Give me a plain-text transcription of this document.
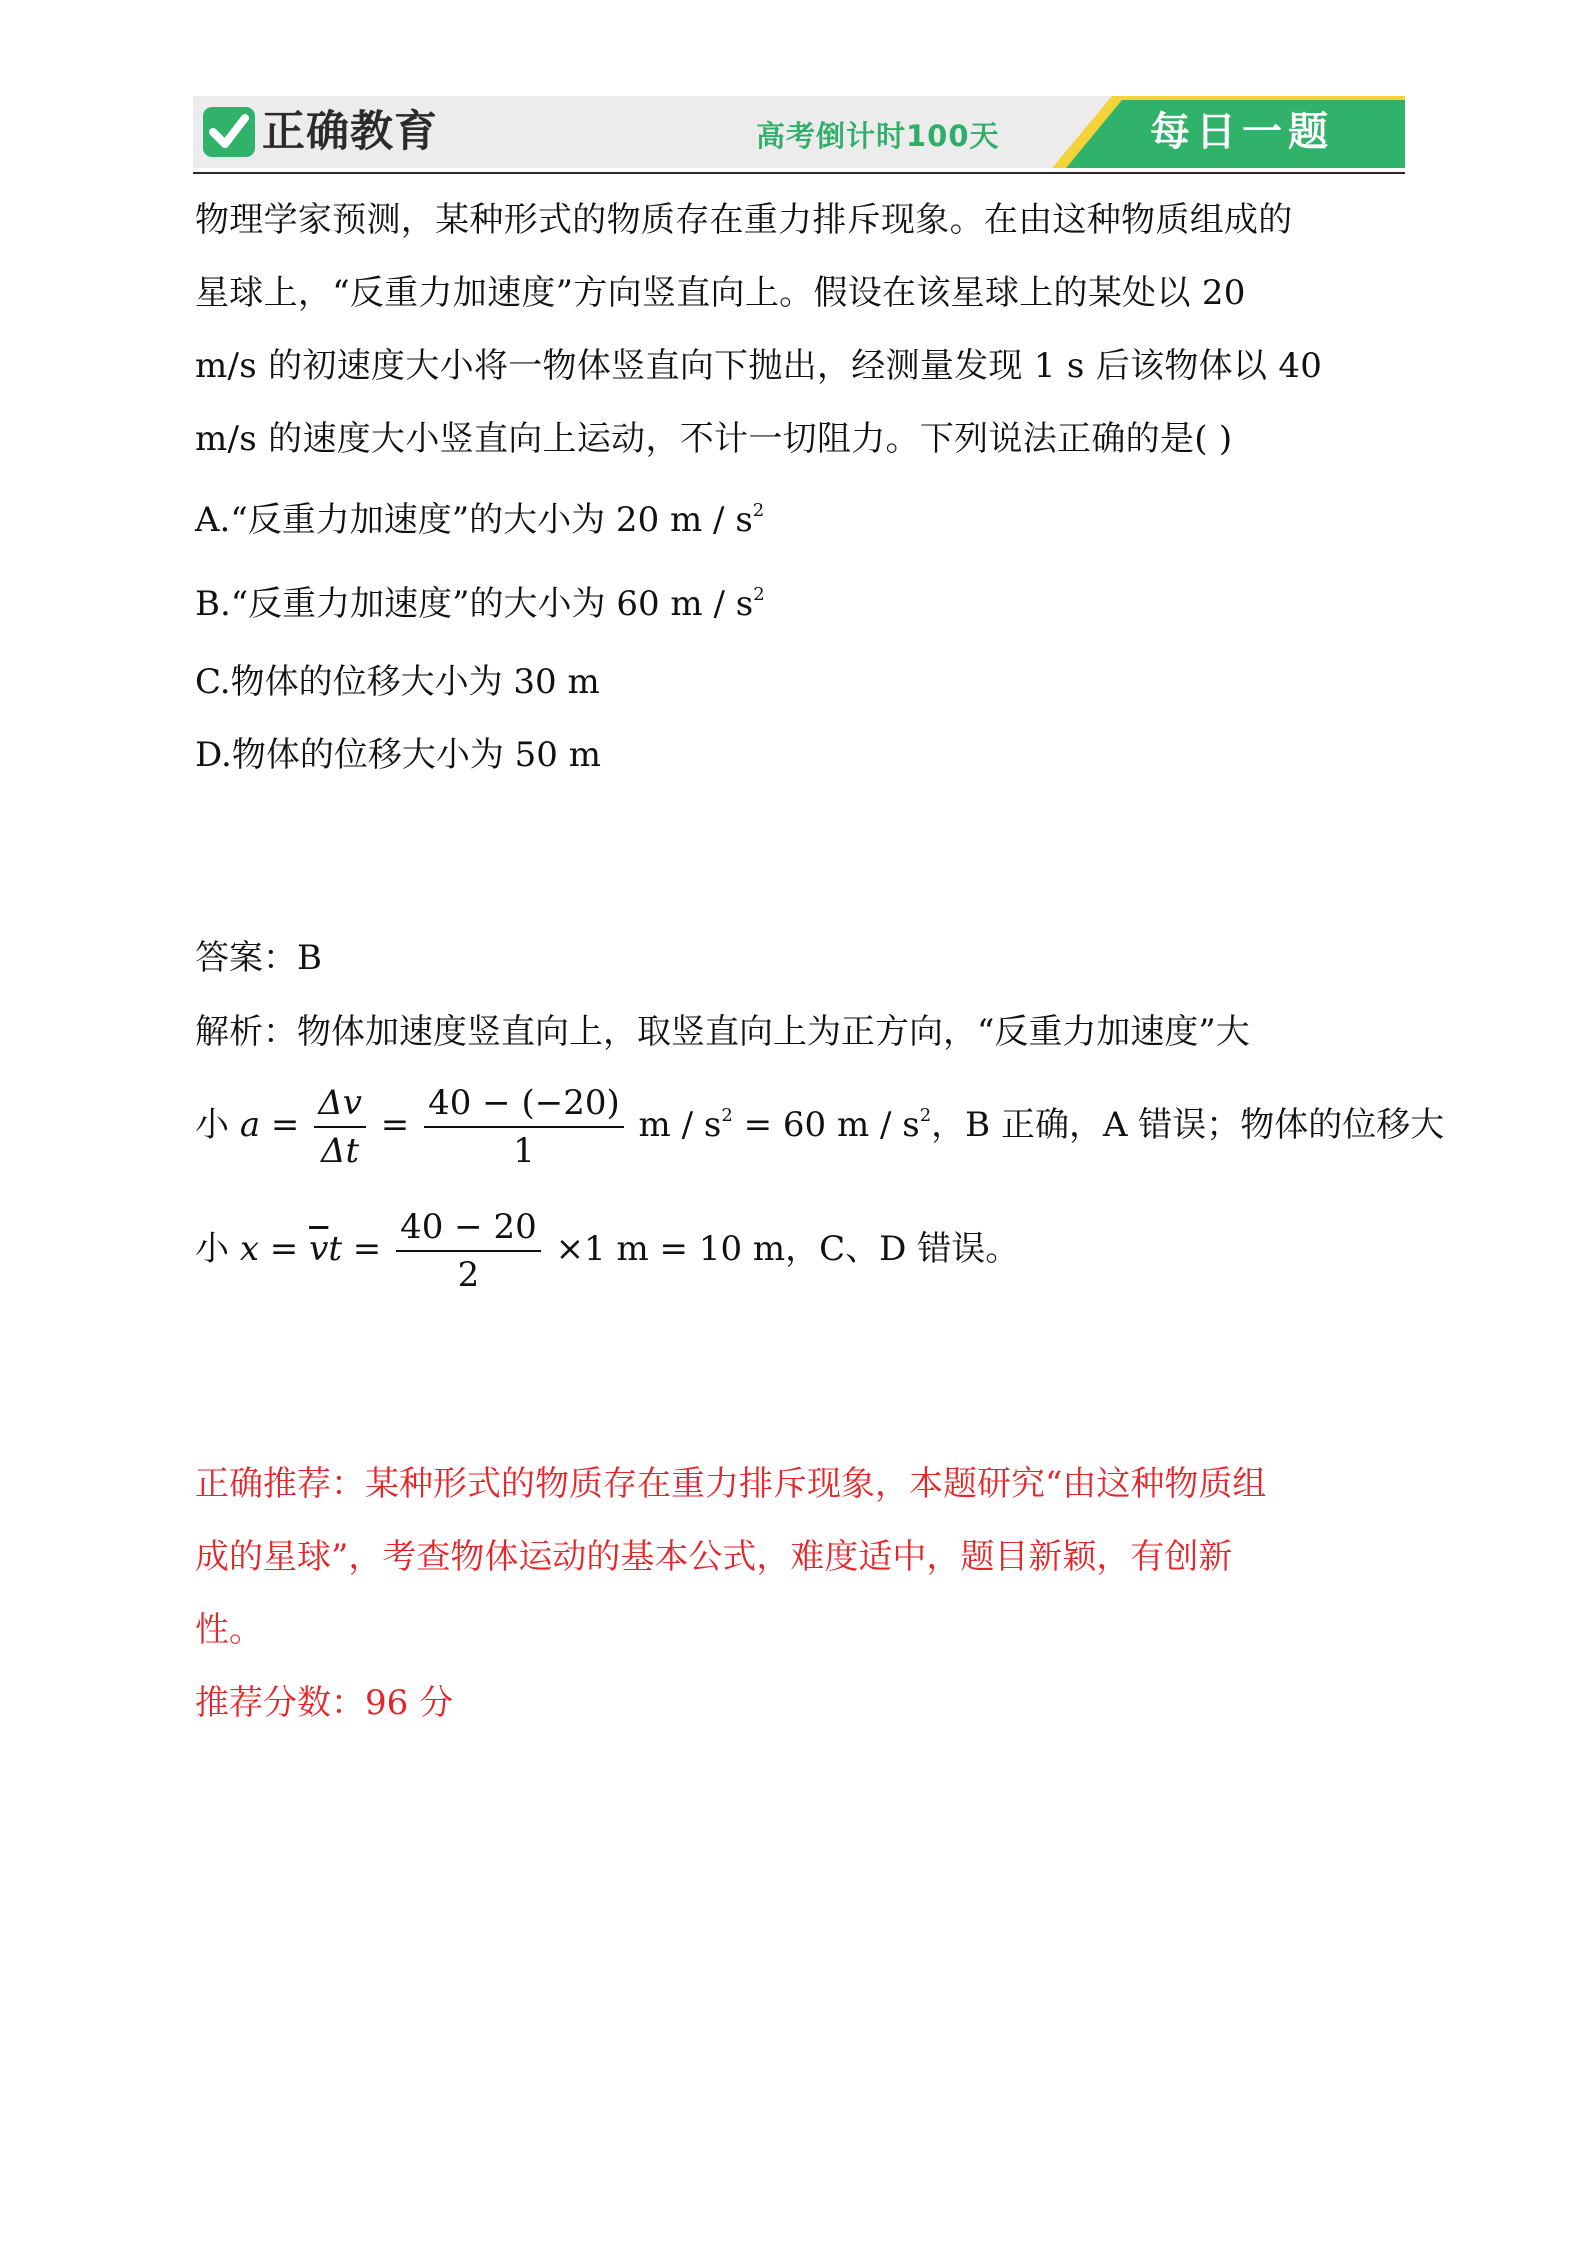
正确教育	高考倒计时100天	每日一题
物理学家预测，某种形式的物质存在重力排斥现象。在由这种物质组成的
星球上，“反重力加速度”方向竖直向上。假设在该星球上的某处以 20
m/s 的初速度大小将一物体竖直向下抛出，经测量发现 1 s 后该物体以 40
m/s 的速度大小竖直向上运动，不计一切阻力。下列说法正确的是( )
A.“反重力加速度”的大小为 20 m / $s^2$
B.“反重力加速度”的大小为 60 m / $s^2$
C.物体的位移大小为 30 m
D.物体的位移大小为 50 m
答案：B
解析：物体加速度竖直向上，取竖直向上为正方向，“反重力加速度”大
小 $a = \frac{\Delta v}{\Delta t} = \frac{40 - (-20)}{1}$ $m / s^2 = 60$ m / $s^2$，B 正确，A 错误；物体的位移大
小 $x = \overline{v}t = \frac{40 - 20}{2} \times 1$ m = 10 m，C、D 错误。
正确推荐：某种形式的物质存在重力排斥现象，本题研究“由这种物质组
成的星球”，考查物体运动的基本公式，难度适中，题目新颖，有创新
性。
推荐分数：96 分
